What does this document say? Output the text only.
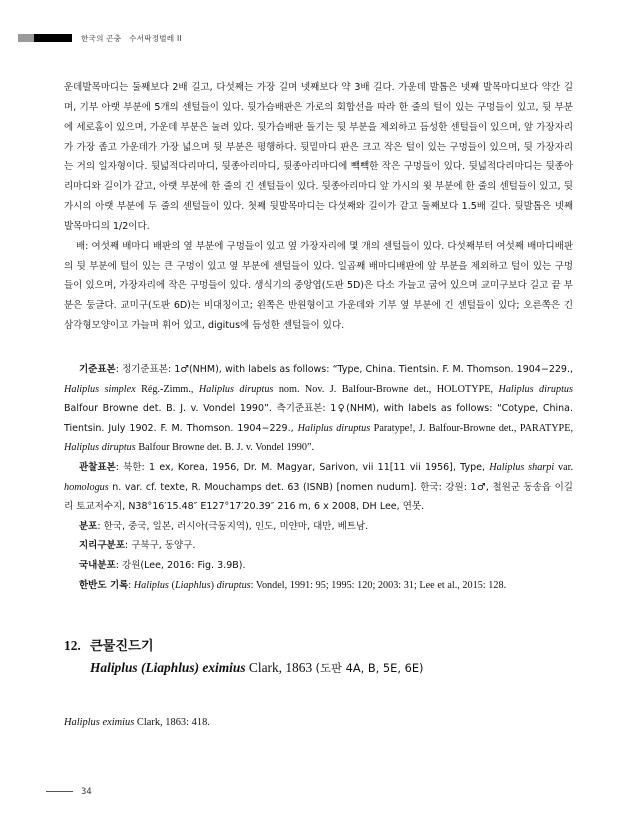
한국의 곤충   수서딱정벌레 II

운데발목마디는 둘째보다 2배 길고, 다섯째는 가장 길며 넷째보다 약 3배 길다. 가운데 발톱은 넷째 발목마디보다 약간 길며, 기부 아랫 부분에 5개의 센털들이 있다. 뒷가슴배판은 가로의 회합선을 따라 한 줄의 털이 있는 구멍들이 있고, 뒷 부분에 세로홈이 있으며, 가운데 부분은 눌려 있다. 뒷가슴배판 돌기는 뒷 부분을 제외하고 듬성한 센털들이 있으며, 앞 가장자리가 가장 좁고 가운데가 가장 넓으며 뒷 부분은 평행하다. 뒷밑마디 판은 크고 작은 털이 있는 구멍들이 있으며, 뒷 가장자리는 거의 일자형이다. 뒷넓적다리마디, 뒷종아리마디, 뒷종아리마디에 빽빽한 작은 구멍들이 있다. 뒷넓적다리마디는 뒷종아리마디와 길이가 같고, 아랫 부분에 한 줄의 긴 센털들이 있다. 뒷종아리마디 앞 가시의 윗 부분에 한 줄의 센털들이 있고, 뒷 가시의 아랫 부분에 두 줄의 센털들이 있다. 첫째 뒷발목마디는 다섯째와 길이가 같고 둘째보다 1.5배 길다. 뒷발톱은 넷째 발목마디의 1/2이다.

배: 여섯째 배마디 배판의 옆 부분에 구멍들이 있고 옆 가장자리에 몇 개의 센털들이 있다. 다섯째부터 여섯째 배마디배판의 뒷 부분에 털이 있는 큰 구멍이 있고 옆 부분에 센털들이 있다. 일곱째 배마디배판에 앞 부분을 제외하고 털이 있는 구멍들이 있으며, 가장자리에 작은 구멍들이 있다. 생식기의 중앙엽(도판 5D)은 다소 가늘고 굽어 있으며 교미구보다 길고 끝 부분은 둥글다. 교미구(도판 6D)는 비대칭이고; 왼쪽은 반원형이고 가운데와 기부 옆 부분에 긴 센털들이 있다; 오른쪽은 긴 삼각형모양이고 가늘며 휘어 있고, digitus에 듬성한 센털들이 있다.

기준표본: 정기준표본: 1♂(NHM), with labels as follows: “Type, China. Tientsin. F. M. Thomson. 1904−229., Haliplus simplex Rég.-Zimm., Haliplus diruptus nom. Nov. J. Balfour-Browne det., HOLOTYPE, Haliplus diruptus Balfour Browne det. B. J. v. Vondel 1990”. 측기준표본: 1♀(NHM), with labels as follows: “Cotype, China. Tientsin. July 1902. F. M. Thomson. 1904−229., Haliplus diruptus Paratype!, J. Balfour-Browne det., PARATYPE, Haliplus diruptus Balfour Browne det. B. J. v. Vondel 1990”.

관찰표본: 북한: 1 ex, Korea, 1956, Dr. M. Magyar, Sarivon, vii 11[11 vii 1956], Type, Haliplus sharpi var. homologus n. var. cf. texte, R. Mouchamps det. 63 (ISNB) [nomen nudum]. 한국: 강원: 1♂, 철원군 동송읍 이길리 토교저수지, N38°16′15.48″ E127°17′20.39″ 216 m, 6 x 2008, DH Lee, 연못.

분포: 한국, 중국, 일본, 러시아(극동지역), 인도, 미얀마, 대만, 베트남.

지리구분포: 구북구, 동양구.

국내분포: 강원(Lee, 2016: Fig. 3.9B).

한반도 기록: Haliplus (Liaphlus) diruptus: Vondel, 1991: 95; 1995: 120; 2003: 31; Lee et al., 2015: 128.

12. 큰물진드기
Haliplus (Liaphlus) eximius Clark, 1863 (도판 4A, B, 5E, 6E)

Haliplus eximius Clark, 1863: 418.

34
